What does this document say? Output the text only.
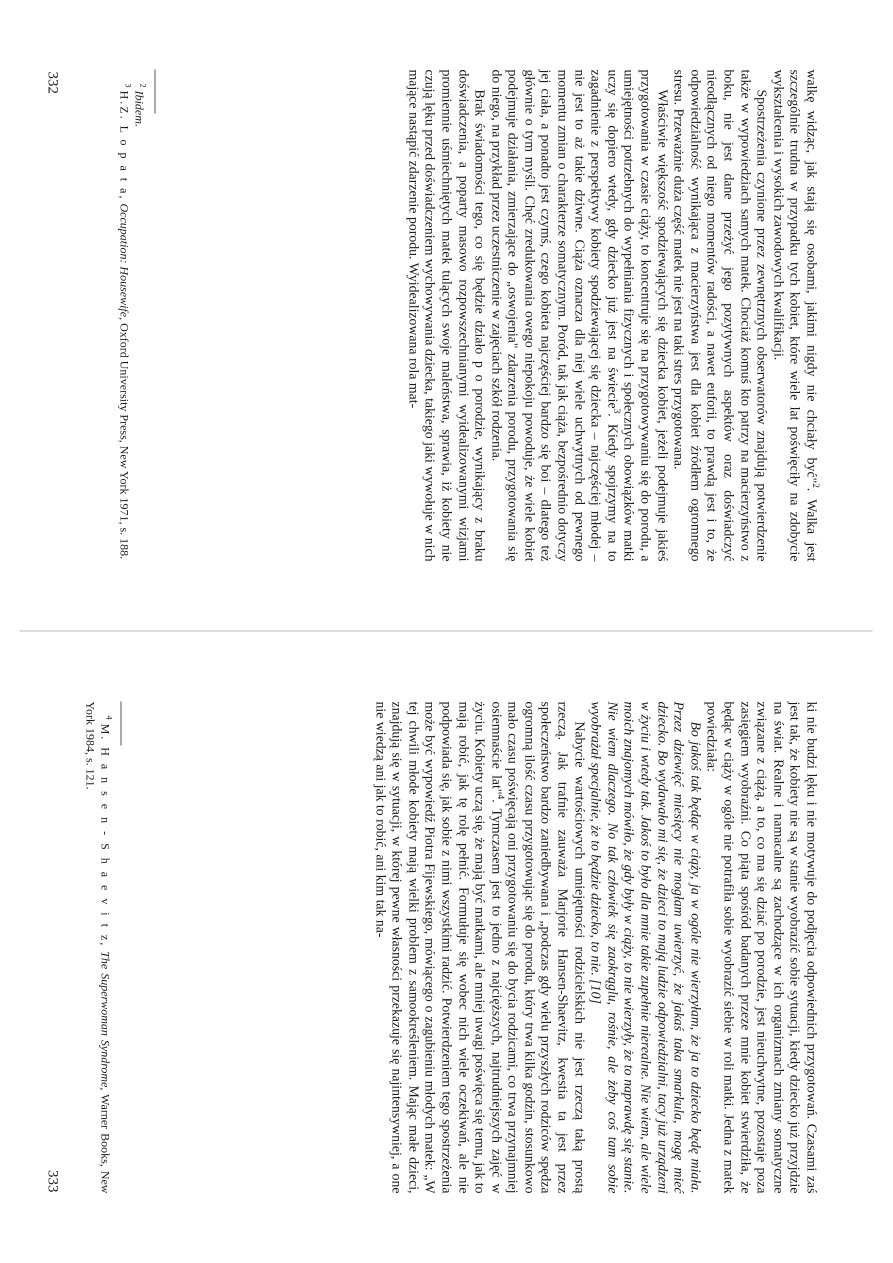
walkę widząc, jak stają się osobami, jakimi nigdy nie chciały być"$^2$. Walka jest szczególnie trudna w przypadku tych kobiet, które wiele lat poświęciły na zdobycie wykształcenia i wysokich zawodowych kwalifikacji.

Spostrzeżenia czynione przez zewnętrznych obserwatorów znajdują potwierdzenie także w wypowiedziach samych matek. Chociaż komuś kto patrzy na macierzyństwo z boku, nie jest dane przeżyć jego pozytywnych aspektów oraz doświadczyć nieodłącznych od niego momentów radości, a nawet euforii, to prawdą jest i to, że odpowiedzialność wynikająca z macierzyństwa jest dla kobiet źródłem ogromnego stresu. Przeważnie duża część matek nie jest na taki stres przygotowana.

Właściwie większość spodziewających się dziecka kobiet, jeżeli podejmuje jakieś przygotowania w czasie ciąży, to koncentruje się na przygotowywaniu się do porodu, a umiejętności potrzebnych do wypełniania fizycznych i społecznych obowiązków matki uczy się dopiero wtedy, gdy dziecko już jest na świecie$^3$. Kiedy spojrzymy na to zagadnienie z perspektywy kobiety spodziewającej się dziecka – najczęściej młodej – nie jest to aż takie dziwne. Ciąża oznacza dla niej wiele uchwytnych od pewnego momentu zmian o charakterze somatycznym. Poród, tak jak ciąża, bezpośrednio dotyczy jej ciała, a ponadto jest czymś, czego kobieta najczęściej bardzo się boi – dlatego też głównie o tym myśli. Chęć zredukowania owego niepokoju powoduje, że wiele kobiet podejmuje działania, zmierzające do „oswojenia" zdarzenia porodu, przygotowania się do niego, na przykład przez uczestniczenie w zajęciach szkół rodzenia.

Brak świadomości tego, co się będzie działo p o porodzie, wynikający z braku doświadczenia, a poparty masowo rozpowszechnianymi wyidealizowanymi wizjami promiennie uśmiechniętych matek tulących swoje maleństwa, sprawia, iż kobiety nie czują lęku przed doświadczeniem wychowywania dziecka, takiego jaki wywołuje w nich mające nastąpić zdarzenie porodu. Wyidealizowana rola mat-

$^2$ Ibidem.

$^3$ H.Z. L o p a t a, Occupation: Housewife, Oxford University Press, New York 1971, s. 188.

332

ki nie budzi lęku i nie motywuje do podjęcia odpowiednich przygotowań. Czasami zaś jest tak, że kobiety nie są w stanie wyobrazić sobie sytuacji, kiedy dziecko już przyjdzie na świat. Realne i namacalne są zachodzące w ich organizmach zmiany somatyczne związane z ciążą, a to, co ma się dziać po porodzie, jest nieuchwytne, pozostaje poza zasięgiem wyobraźni. Co piąta spośród badanych przeze mnie kobiet stwierdziła, że będąc w ciąży w ogóle nie potrafiła sobie wyobrazić siebie w roli matki. Jedna z matek powiedziała:

Bo jakoś tak będąc w ciąży, ja w ogóle nie wierzyłam, że ja to dziecko będę miała. Przez dziewięć miesięcy nie mogłam uwierzyć, że jakaś taka smarkula, mogę mieć dziecko. Bo wydawało mi się, że dzieci to mają ludzie odpowiedzialni, tacy już urządzeni w życiu i wtedy tak. Jakoś to było dla mnie takie zupełnie nierealne. Nie wiem, ale wiele moich znajomych mówiło, że gdy były w ciąży, to nie wierzyły, że to naprawdę się stanie. Nie wiem dlaczego. No tak człowiek się zaokrąglu, rośnie, ale żeby coś tam sobie wyobrażał specjalnie, że to będzie dziecko, to nie. [10]

Nabycie wartościowych umiejętności rodzicielskich nie jest rzeczą taką prostą rzeczą. Jak trafnie zauważa Marjorie Hansen-Shaevitz, kwestia ta jest przez społeczeństwo bardzo zaniedbywana i „podczas gdy wielu przyszłych rodziców spędza ogromną ilość czasu przygotowując się do porodu, który trwa kilka godzin, stosunkowo mało czasu poświęcają oni przygotowaniu się do bycia rodzicami, co trwa przynajmniej osiemnaście lat"$^4$. Tymczasem jest to jedno z najcięższych, najtrudniejszych zajęć w życiu. Kobiety uczą się, że mają być matkami, ale mniej uwagi poświęca się temu, jak to mają robić, jak tę rolę pełnić. Formułuje się wobec nich wiele oczekiwań, ale nie podpowiada się, jak sobie z nimi wszystkimi radzić. Potwierdzeniem tego spostrzeżenia może być wypowiedź Piotra Fijewskiego, mówiącego o zagubieniu młodych matek: „W tej chwili młode kobiety mają wielki problem z samookreśleniem. Mając małe dzieci, znajdują się w sytuacji, w której pewne własności przekazuje się najintensywniej, a one nie wiedzą ani jak to robić, ani kim tak na-

$^4$ M. H a n s e n - S h a e v i t z, The Superwoman Syndrome, Warner Books, New York 1984, s. 121.

333
